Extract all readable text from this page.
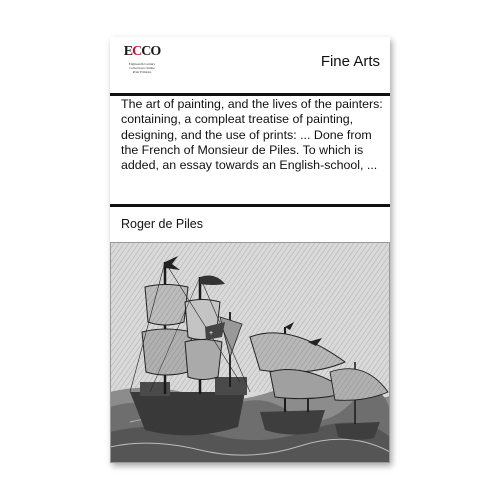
ECCO
Eighteenth Century
Collections Online
Print Editions
Fine Arts
The art of painting, and the lives of the painters: containing, a compleat treatise of painting, designing, and the use of prints: ... Done from the French of Monsieur de Piles. To which is added, an essay towards an English-school, ...
Roger de Piles
+
